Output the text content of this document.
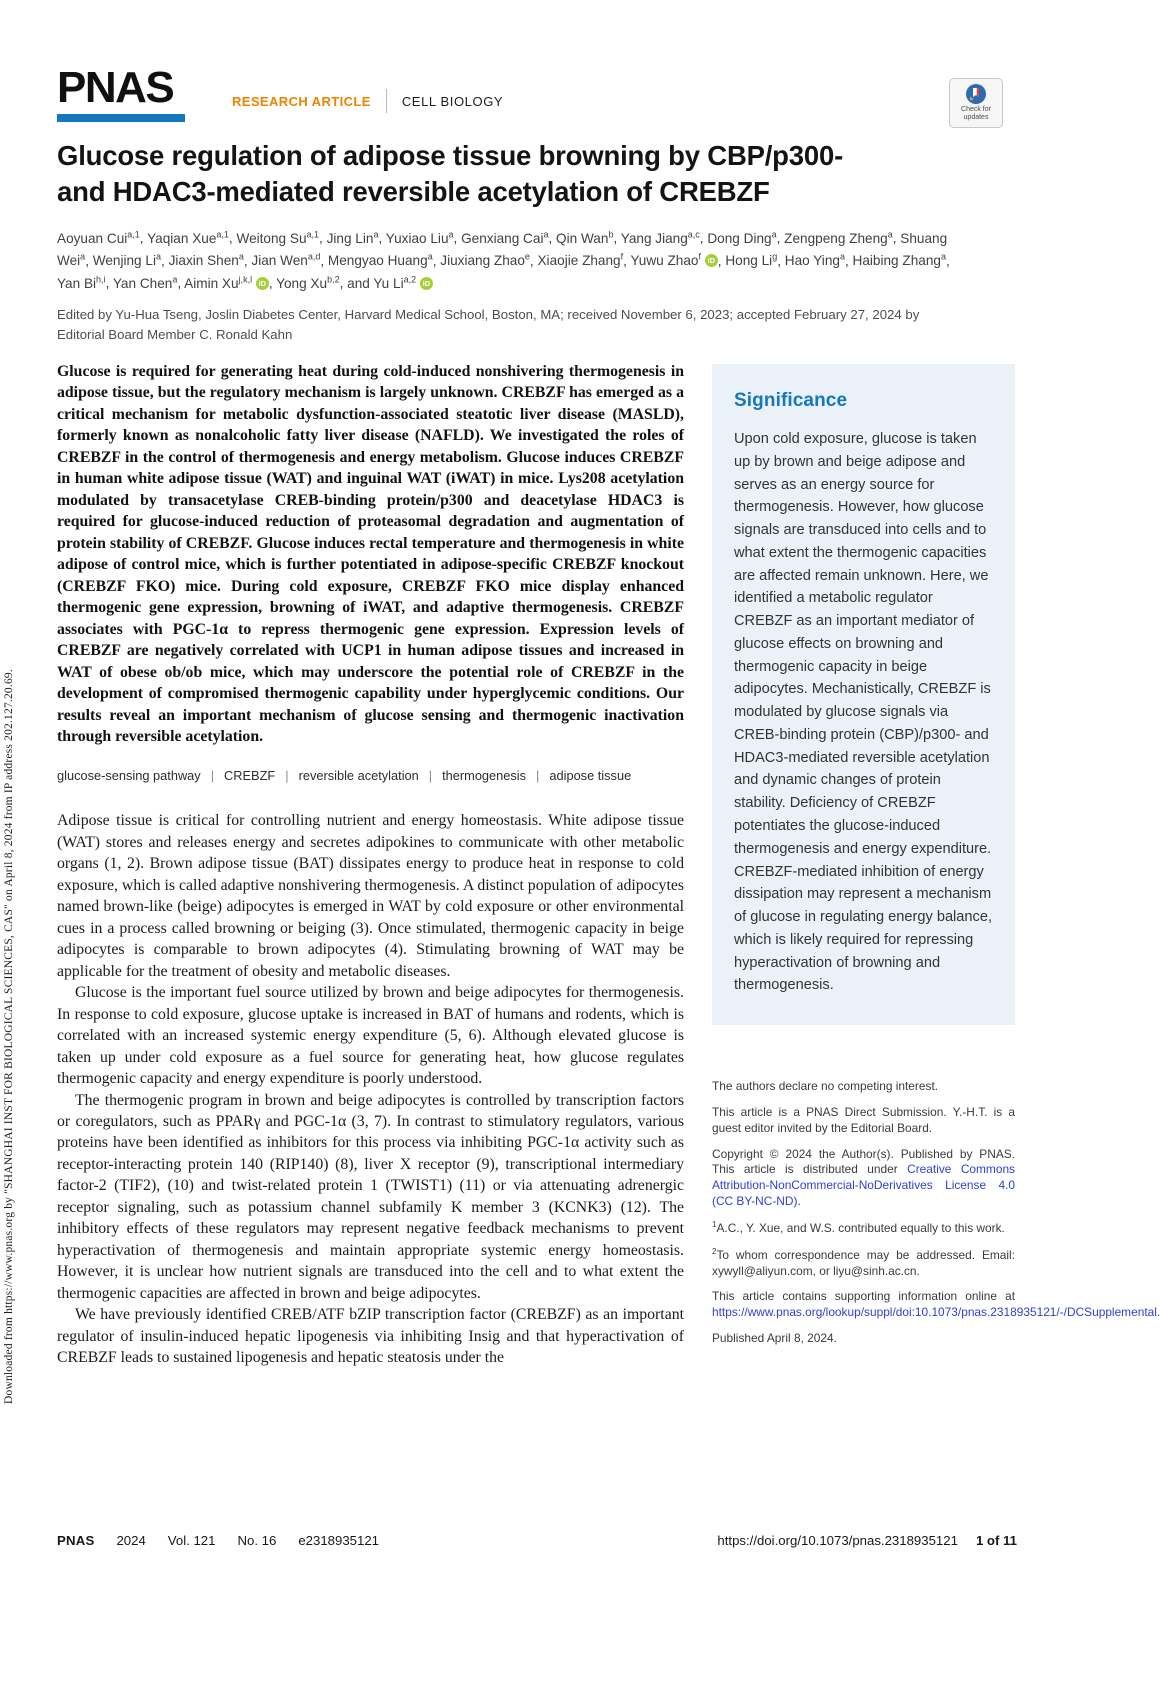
Downloaded from https://www.pnas.org by "SHANGHAI INST FOR BIOLOGICAL SCIENCES, CAS" on April 8, 2024 from IP address 202.127.20.69.
PNAS	RESEARCH ARTICLE CELL BIOLOGY
Check for updates
Glucose regulation of adipose tissue browning by CBP/p300-
and HDAC3-mediated reversible acetylation of CREBZF
Aoyuan Cui$^{a,1}$, Yaqian Xue$^{a,1}$, Weitong Su$^{a,1}$, Jing Lin$^a$, Yuxiao Liu$^a$, Genxiang Cai$^a$, Qin Wan$^b$, Yang Jiang$^{a,c}$, Dong Ding$^a$, Zengpeng Zheng$^a$, Shuang Wei$^a$, Wenjing Li$^a$, Jiaxin Shen$^a$, Jian Wen$^{a,d}$, Mengyao Huang$^a$, Jiuxiang Zhao$^e$, Xiaojie Zhang$^f$, Yuwu Zhao$^f$ iD , Hong Li$^g$, Hao Ying$^a$, Haibing Zhang$^a$, Yan Bi$^{h,i}$, Yan Chen$^a$, Aimin Xu$^{j,k,l}$ iD , Yong Xu$^{b,2}$, and Yu Li$^{a,2}$ iD
Edited by Yu-Hua Tseng, Joslin Diabetes Center, Harvard Medical School, Boston, MA; received November 6, 2023; accepted February 27, 2024 by Editorial Board Member C. Ronald Kahn

Glucose is required for generating heat during cold-induced nonshivering thermogenesis in adipose tissue, but the regulatory mechanism is largely unknown. CREBZF has emerged as a critical mechanism for metabolic dysfunction-associated steatotic liver disease (MASLD), formerly known as nonalcoholic fatty liver disease (NAFLD). We investigated the roles of CREBZF in the control of thermogenesis and energy metabolism. Glucose induces CREBZF in human white adipose tissue (WAT) and inguinal WAT (iWAT) in mice. Lys208 acetylation modulated by transacetylase CREB-binding protein/p300 and deacetylase HDAC3 is required for glucose-induced reduction of proteasomal degradation and augmentation of protein stability of CREBZF. Glucose induces rectal temperature and thermogenesis in white adipose of control mice, which is further potentiated in adipose-specific CREBZF knockout (CREBZF FKO) mice. During cold exposure, CREBZF FKO mice display enhanced thermogenic gene expression, browning of iWAT, and adaptive thermogenesis. CREBZF associates with PGC-1α to repress thermogenic gene expression. Expression levels of CREBZF are negatively correlated with UCP1 in human adipose tissues and increased in WAT of obese ob/ob mice, which may underscore the potential role of CREBZF in the development of compromised thermogenic capability under hyperglycemic conditions. Our results reveal an important mechanism of glucose sensing and thermogenic inactivation through reversible acetylation.

glucose-sensing pathway | CREBZF | reversible acetylation | thermogenesis | adipose tissue

Adipose tissue is critical for controlling nutrient and energy homeostasis. White adipose tissue (WAT) stores and releases energy and secretes adipokines to communicate with other metabolic organs (1, 2). Brown adipose tissue (BAT) dissipates energy to produce heat in response to cold exposure, which is called adaptive nonshivering thermogenesis. A distinct population of adipocytes named brown-like (beige) adipocytes is emerged in WAT by cold exposure or other environmental cues in a process called browning or beiging (3). Once stimulated, thermogenic capacity in beige adipocytes is comparable to brown adipocytes (4). Stimulating browning of WAT may be applicable for the treatment of obesity and metabolic diseases.

Glucose is the important fuel source utilized by brown and beige adipocytes for thermogenesis. In response to cold exposure, glucose uptake is increased in BAT of humans and rodents, which is correlated with an increased systemic energy expenditure (5, 6). Although elevated glucose is taken up under cold exposure as a fuel source for generating heat, how glucose regulates thermogenic capacity and energy expenditure is poorly understood.

The thermogenic program in brown and beige adipocytes is controlled by transcription factors or coregulators, such as PPARγ and PGC-1α (3, 7). In contrast to stimulatory regulators, various proteins have been identified as inhibitors for this process via inhibiting PGC-1α activity such as receptor-interacting protein 140 (RIP140) (8), liver X receptor (9), transcriptional intermediary factor-2 (TIF2), (10) and twist-related protein 1 (TWIST1) (11) or via attenuating adrenergic receptor signaling, such as potassium channel subfamily K member 3 (KCNK3) (12). The inhibitory effects of these regulators may represent negative feedback mechanisms to prevent hyperactivation of thermogenesis and maintain appropriate systemic energy homeostasis. However, it is unclear how nutrient signals are transduced into the cell and to what extent the thermogenic capacities are affected in brown and beige adipocytes.

We have previously identified CREB/ATF bZIP transcription factor (CREBZF) as an important regulator of insulin-induced hepatic lipogenesis via inhibiting Insig and that hyperactivation of CREBZF leads to sustained lipogenesis and hepatic steatosis under the

Significance
Upon cold exposure, glucose is taken up by brown and beige adipose and serves as an energy source for thermogenesis. However, how glucose signals are transduced into cells and to what extent the thermogenic capacities are affected remain unknown. Here, we identified a metabolic regulator CREBZF as an important mediator of glucose effects on browning and thermogenic capacity in beige adipocytes. Mechanistically, CREBZF is modulated by glucose signals via CREB-binding protein (CBP)/p300- and HDAC3-mediated reversible acetylation and dynamic changes of protein stability. Deficiency of CREBZF potentiates the glucose-induced thermogenesis and energy expenditure. CREBZF-mediated inhibition of energy dissipation may represent a mechanism of glucose in regulating energy balance, which is likely required for repressing hyperactivation of browning and thermogenesis.

The authors declare no competing interest.

This article is a PNAS Direct Submission. Y.-H.T. is a guest editor invited by the Editorial Board.

Copyright © 2024 the Author(s). Published by PNAS. This article is distributed under Creative Commons Attribution-NonCommercial-NoDerivatives License 4.0 (CC BY-NC-ND).

$^1$A.C., Y. Xue, and W.S. contributed equally to this work.

$^2$To whom correspondence may be addressed. Email: xywyll@aliyun.com, or liyu@sinh.ac.cn.

This article contains supporting information online at https://www.pnas.org/lookup/suppl/doi:10.1073/pnas.2318935121/-/DCSupplemental.

Published April 8, 2024.

PNAS 2024 Vol. 121 No. 16 e2318935121	https://doi.org/10.1073/pnas.2318935121 1 of 11
